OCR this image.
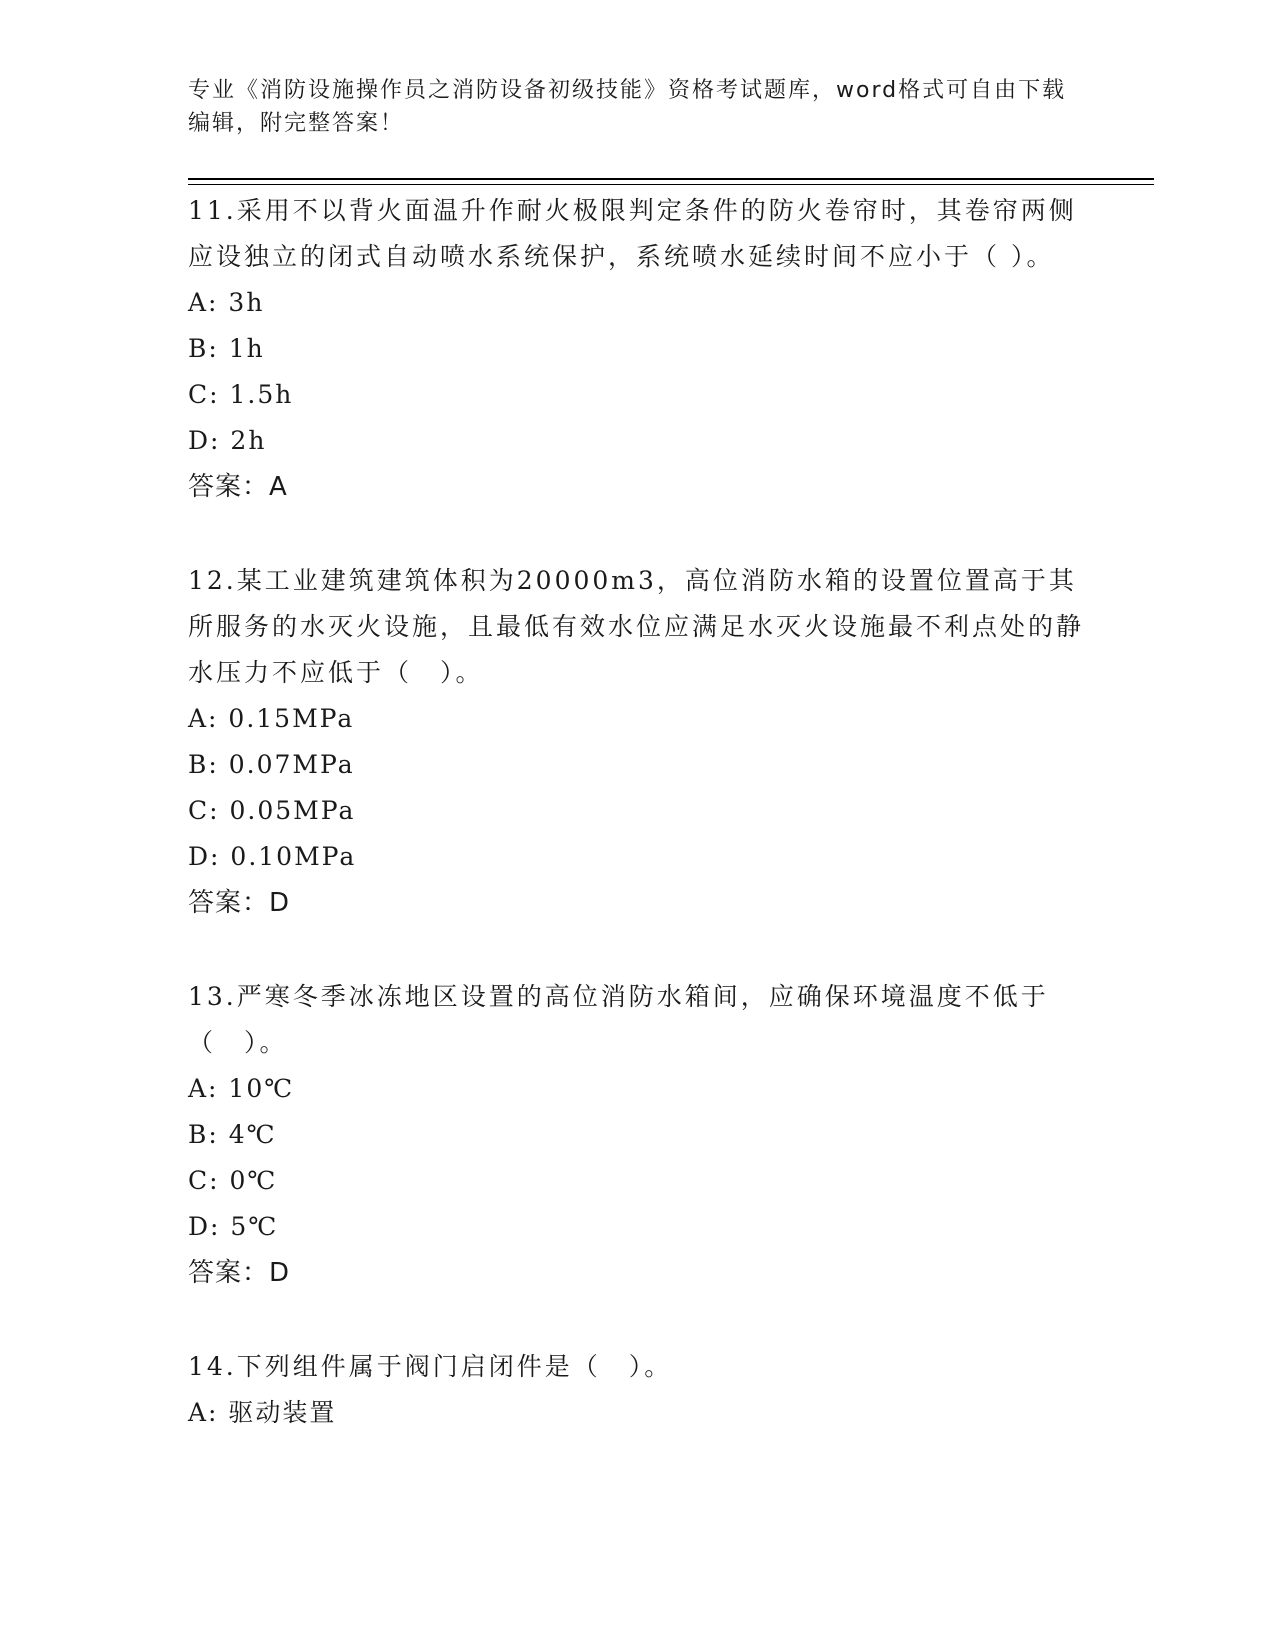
专业《消防设施操作员之消防设备初级技能》资格考试题库，word格式可自由下载编辑，附完整答案！

11.采用不以背火面温升作耐火极限判定条件的防火卷帘时，其卷帘两侧应设独立的闭式自动喷水系统保护，系统喷水延续时间不应小于（ ）。

A: 3h

B: 1h

C: 1.5h

D: 2h

答案：A

12.某工业建筑建筑体积为20000m3，高位消防水箱的设置位置高于其所服务的水灭火设施，且最低有效水位应满足水灭火设施最不利点处的静水压力不应低于（　）。

A: 0.15MPa

B: 0.07MPa

C: 0.05MPa

D: 0.10MPa

答案：D

13.严寒冬季冰冻地区设置的高位消防水箱间，应确保环境温度不低于（　）。

A: 10℃

B: 4℃

C: 0℃

D: 5℃

答案：D

14.下列组件属于阀门启闭件是（　）。

A: 驱动装置
